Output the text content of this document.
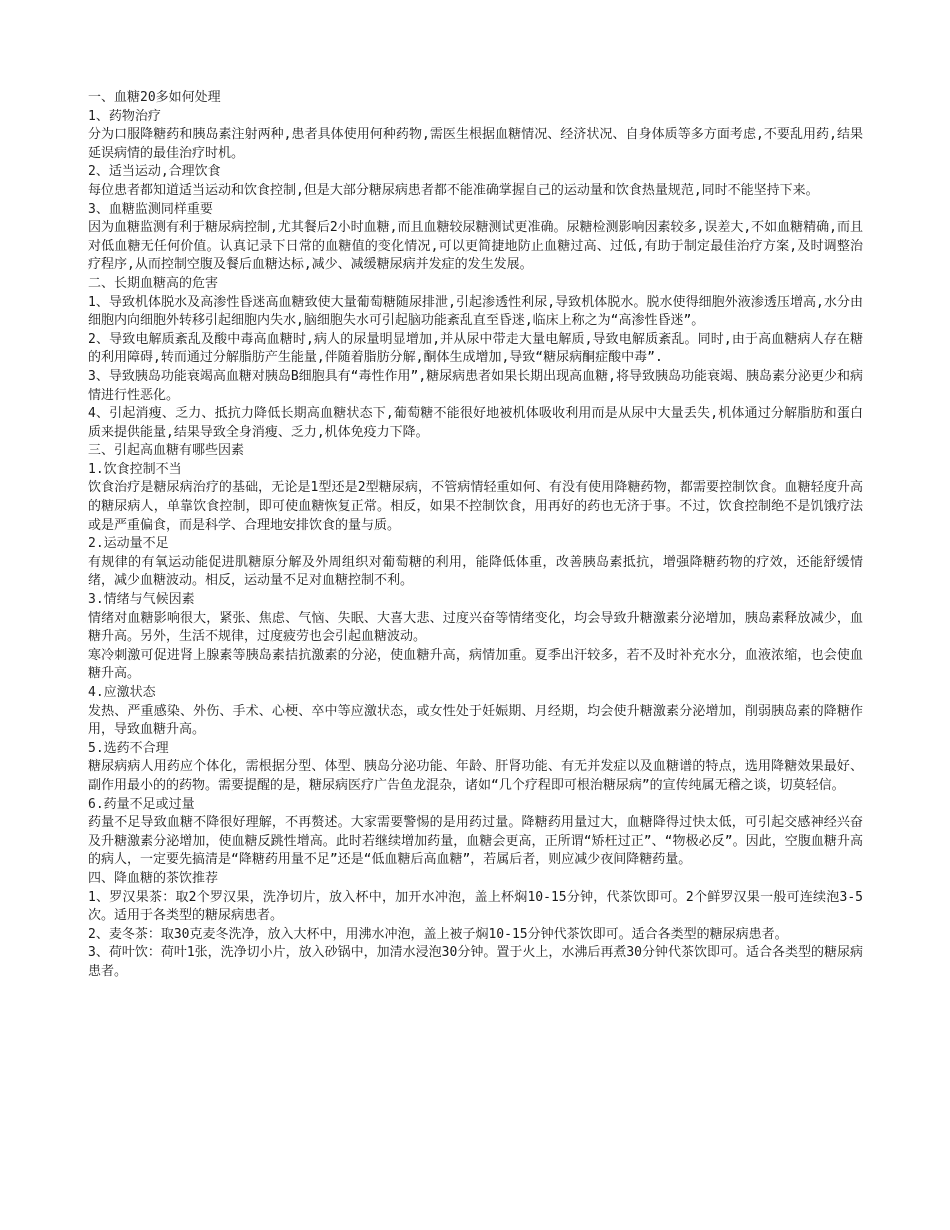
一、血糖20多如何处理

1、药物治疗

分为口服降糖药和胰岛素注射两种,患者具体使用何种药物,需医生根据血糖情况、经济状况、自身体质等多方面考虑,不要乱用药,结果延误病情的最佳治疗时机。

2、适当运动,合理饮食

每位患者都知道适当运动和饮食控制,但是大部分糖尿病患者都不能准确掌握自己的运动量和饮食热量规范,同时不能坚持下来。

3、血糖监测同样重要

因为血糖监测有利于糖尿病控制,尤其餐后2小时血糖,而且血糖较尿糖测试更准确。尿糖检测影响因素较多,误差大,不如血糖精确,而且对低血糖无任何价值。认真记录下日常的血糖值的变化情况,可以更简捷地防止血糖过高、过低,有助于制定最佳治疗方案,及时调整治疗程序,从而控制空腹及餐后血糖达标,减少、减缓糖尿病并发症的发生发展。

二、长期血糖高的危害

1、导致机体脱水及高渗性昏迷高血糖致使大量葡萄糖随尿排泄,引起渗透性利尿,导致机体脱水。脱水使得细胞外液渗透压增高,水分由细胞内向细胞外转移引起细胞内失水,脑细胞失水可引起脑功能紊乱直至昏迷,临床上称之为“高渗性昏迷”。

2、导致电解质紊乱及酸中毒高血糖时,病人的尿量明显增加,并从尿中带走大量电解质,导致电解质紊乱。同时,由于高血糖病人存在糖的利用障碍,转而通过分解脂肪产生能量,伴随着脂肪分解,酮体生成增加,导致“糖尿病酮症酸中毒”.

3、导致胰岛功能衰竭高血糖对胰岛B细胞具有“毒性作用”,糖尿病患者如果长期出现高血糖,将导致胰岛功能衰竭、胰岛素分泌更少和病情进行性恶化。

4、引起消瘦、乏力、抵抗力降低长期高血糖状态下,葡萄糖不能很好地被机体吸收利用而是从尿中大量丢失,机体通过分解脂肪和蛋白质来提供能量,结果导致全身消瘦、乏力,机体免疫力下降。

三、引起高血糖有哪些因素

1.饮食控制不当

饮食治疗是糖尿病治疗的基础，无论是1型还是2型糖尿病，不管病情轻重如何、有没有使用降糖药物，都需要控制饮食。血糖轻度升高的糖尿病人，单靠饮食控制，即可使血糖恢复正常。相反，如果不控制饮食，用再好的药也无济于事。不过，饮食控制绝不是饥饿疗法或是严重偏食，而是科学、合理地安排饮食的量与质。

2.运动量不足

有规律的有氧运动能促进肌糖原分解及外周组织对葡萄糖的利用，能降低体重，改善胰岛素抵抗，增强降糖药物的疗效，还能舒缓情绪，减少血糖波动。相反，运动量不足对血糖控制不利。

3.情绪与气候因素

情绪对血糖影响很大，紧张、焦虑、气恼、失眠、大喜大悲、过度兴奋等情绪变化，均会导致升糖激素分泌增加，胰岛素释放减少，血糖升高。另外，生活不规律，过度疲劳也会引起血糖波动。

寒冷刺激可促进肾上腺素等胰岛素拮抗激素的分泌，使血糖升高，病情加重。夏季出汗较多，若不及时补充水分，血液浓缩，也会使血糖升高。

4.应激状态

发热、严重感染、外伤、手术、心梗、卒中等应激状态，或女性处于妊娠期、月经期，均会使升糖激素分泌增加，削弱胰岛素的降糖作用，导致血糖升高。

5.选药不合理

糖尿病病人用药应个体化，需根据分型、体型、胰岛分泌功能、年龄、肝肾功能、有无并发症以及血糖谱的特点，选用降糖效果最好、副作用最小的的药物。需要提醒的是，糖尿病医疗广告鱼龙混杂，诸如“几个疗程即可根治糖尿病”的宣传纯属无稽之谈，切莫轻信。

6.药量不足或过量

药量不足导致血糖不降很好理解，不再赘述。大家需要警惕的是用药过量。降糖药用量过大，血糖降得过快太低，可引起交感神经兴奋及升糖激素分泌增加，使血糖反跳性增高。此时若继续增加药量，血糖会更高，正所谓“矫枉过正”、“物极必反”。因此，空腹血糖升高的病人，一定要先搞清是“降糖药用量不足”还是“低血糖后高血糖”，若属后者，则应减少夜间降糖药量。

四、降血糖的茶饮推荐

1、罗汉果茶：取2个罗汉果，洗净切片，放入杯中，加开水冲泡，盖上杯焖10-15分钟，代茶饮即可。2个鲜罗汉果一般可连续泡3-5次。适用于各类型的糖尿病患者。

2、麦冬茶：取30克麦冬洗净，放入大杯中，用沸水冲泡，盖上被子焖10-15分钟代茶饮即可。适合各类型的糖尿病患者。

3、荷叶饮：荷叶1张，洗净切小片，放入砂锅中，加清水浸泡30分钟。置于火上，水沸后再煮30分钟代茶饮即可。适合各类型的糖尿病患者。
